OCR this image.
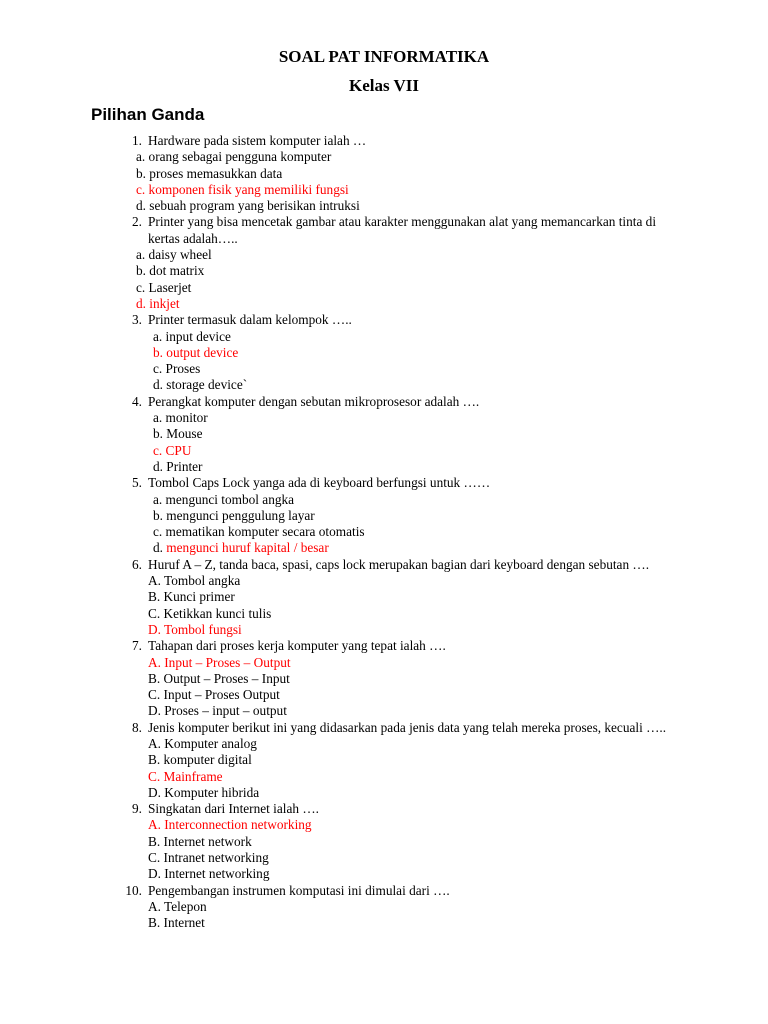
SOAL PAT INFORMATIKA
Kelas VII
Pilihan Ganda
1. Hardware pada sistem komputer ialah …
a. orang sebagai pengguna komputer
b. proses memasukkan data
c. komponen fisik yang memiliki fungsi
d. sebuah program yang berisikan intruksi
2. Printer yang bisa mencetak gambar atau karakter menggunakan alat yang memancarkan tinta di kertas adalah…..
a. daisy wheel
b. dot matrix
c. Laserjet
d. inkjet
3. Printer termasuk dalam kelompok …..
a. input device
b. output device
c. Proses
d. storage device`
4. Perangkat komputer dengan sebutan mikroprosesor adalah ….
a. monitor
b. Mouse
c. CPU
d. Printer
5. Tombol Caps Lock yanga ada di keyboard berfungsi untuk ……
a. mengunci tombol angka
b. mengunci penggulung layar
c. mematikan komputer secara otomatis
d. mengunci huruf kapital / besar
6. Huruf A – Z, tanda baca, spasi, caps lock merupakan bagian dari keyboard dengan sebutan ….
A. Tombol angka
B. Kunci primer
C. Ketikkan kunci tulis
D. Tombol fungsi
7. Tahapan dari proses kerja komputer yang tepat ialah ….
A. Input – Proses – Output
B. Output – Proses – Input
C. Input – Proses Output
D. Proses – input – output
8. Jenis komputer berikut ini yang didasarkan pada jenis data yang telah mereka proses, kecuali …..
A. Komputer analog
B. komputer digital
C. Mainframe
D. Komputer hibrida
9. Singkatan dari Internet ialah ….
A. Interconnection networking
B. Internet network
C. Intranet networking
D. Internet networking
10. Pengembangan instrumen komputasi ini dimulai dari ….
A. Telepon
B. Internet
